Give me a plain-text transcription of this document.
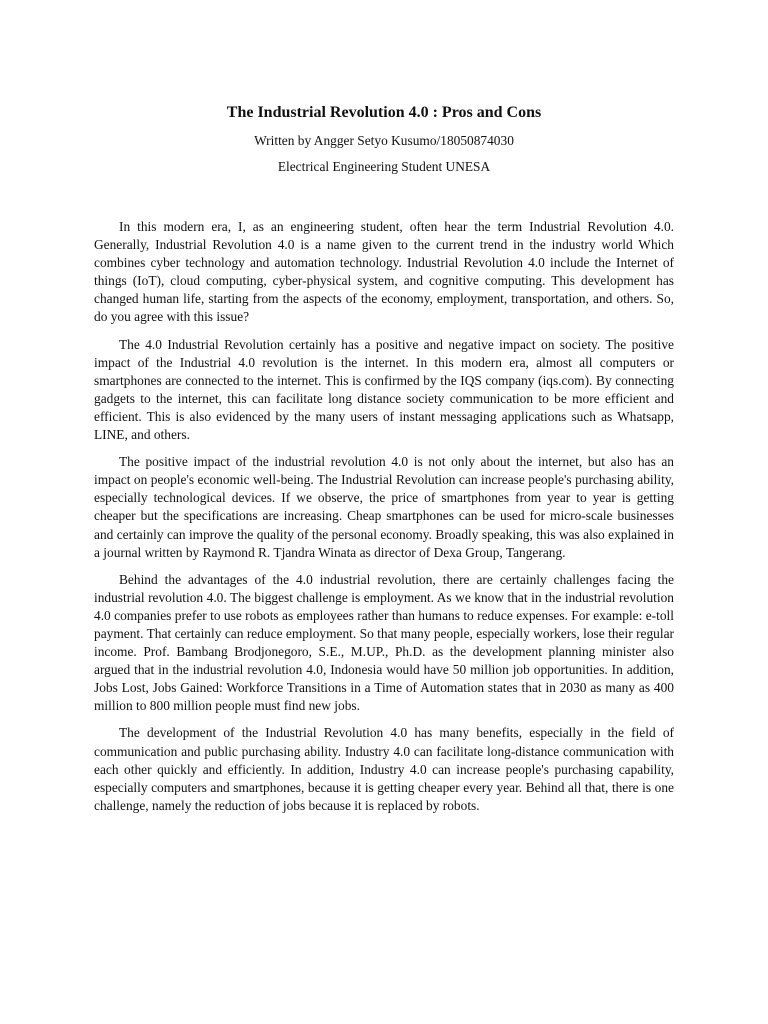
The Industrial Revolution 4.0 : Pros and Cons

Written by Angger Setyo Kusumo/18050874030

Electrical Engineering Student UNESA

In this modern era, I, as an engineering student, often hear the term Industrial Revolution 4.0. Generally, Industrial Revolution 4.0 is a name given to the current trend in the industry world Which combines cyber technology and automation technology. Industrial Revolution 4.0 include the Internet of things (IoT), cloud computing, cyber-physical system, and cognitive computing. This development has changed human life, starting from the aspects of the economy, employment, transportation, and others. So, do you agree with this issue?

The 4.0 Industrial Revolution certainly has a positive and negative impact on society. The positive impact of the Industrial 4.0 revolution is the internet. In this modern era, almost all computers or smartphones are connected to the internet. This is confirmed by the IQS company (iqs.com). By connecting gadgets to the internet, this can facilitate long distance society communication to be more efficient and efficient. This is also evidenced by the many users of instant messaging applications such as Whatsapp, LINE, and others.

The positive impact of the industrial revolution 4.0 is not only about the internet, but also has an impact on people's economic well-being. The Industrial Revolution can increase people's purchasing ability, especially technological devices. If we observe, the price of smartphones from year to year is getting cheaper but the specifications are increasing. Cheap smartphones can be used for micro-scale businesses and certainly can improve the quality of the personal economy. Broadly speaking, this was also explained in a journal written by Raymond R. Tjandra Winata as director of Dexa Group, Tangerang.

Behind the advantages of the 4.0 industrial revolution, there are certainly challenges facing the industrial revolution 4.0. The biggest challenge is employment. As we know that in the industrial revolution 4.0 companies prefer to use robots as employees rather than humans to reduce expenses. For example: e-toll payment. That certainly can reduce employment. So that many people, especially workers, lose their regular income. Prof. Bambang Brodjonegoro, S.E., M.UP., Ph.D. as the development planning minister also argued that in the industrial revolution 4.0, Indonesia would have 50 million job opportunities. In addition, Jobs Lost, Jobs Gained: Workforce Transitions in a Time of Automation states that in 2030 as many as 400 million to 800 million people must find new jobs.

The development of the Industrial Revolution 4.0 has many benefits, especially in the field of communication and public purchasing ability. Industry 4.0 can facilitate long-distance communication with each other quickly and efficiently. In addition, Industry 4.0 can increase people's purchasing capability, especially computers and smartphones, because it is getting cheaper every year. Behind all that, there is one challenge, namely the reduction of jobs because it is replaced by robots.
